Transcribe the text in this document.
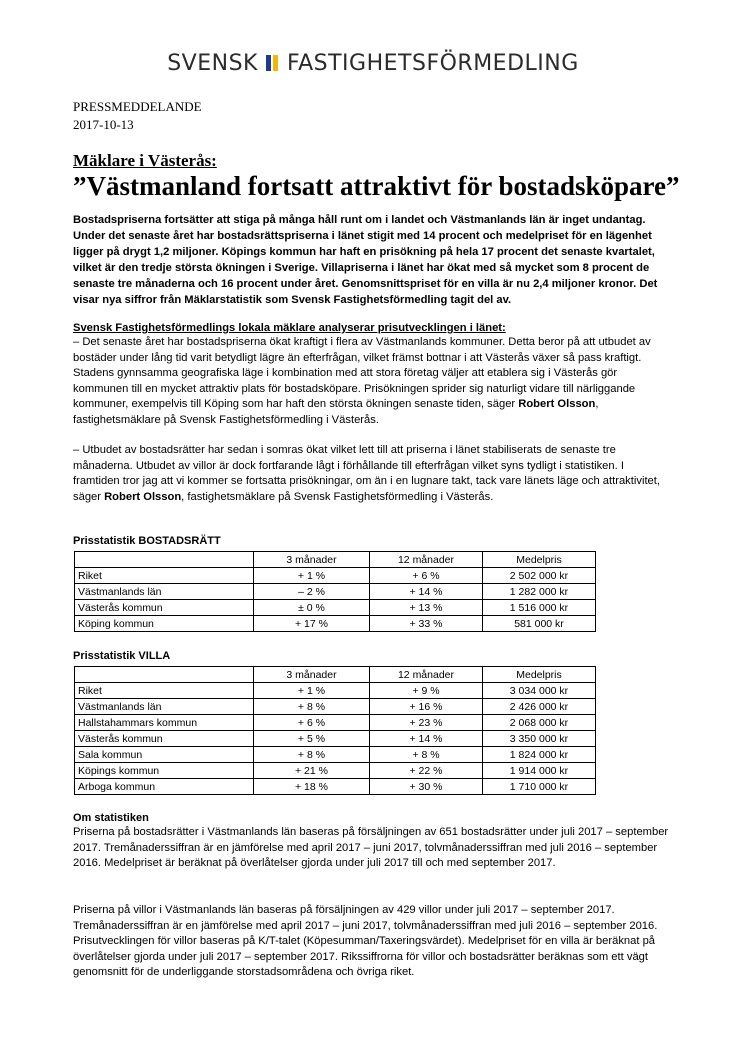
SVENSK FASTIGHETSFÖRMEDLING
PRESSMEDDELANDE
2017-10-13
Mäklare i Västerås:
”Västmanland fortsatt attraktivt för bostadsköpare”

Bostadspriserna fortsätter att stiga på många håll runt om i landet och Västmanlands län är inget undantag. Under det senaste året har bostadsrättspriserna i länet stigit med 14 procent och medelpriset för en lägenhet ligger på drygt 1,2 miljoner. Köpings kommun har haft en prisökning på hela 17 procent det senaste kvartalet, vilket är den tredje största ökningen i Sverige. Villapriserna i länet har ökat med så mycket som 8 procent de senaste tre månaderna och 16 procent under året. Genomsnittspriset för en villa är nu 2,4 miljoner kronor. Det visar nya siffror från Mäklarstatistik som Svensk Fastighetsförmedling tagit del av.

Svensk Fastighetsförmedlings lokala mäklare analyserar prisutvecklingen i länet:

– Det senaste året har bostadspriserna ökat kraftigt i flera av Västmanlands kommuner. Detta beror på att utbudet av bostäder under lång tid varit betydligt lägre än efterfrågan, vilket främst bottnar i att Västerås växer så pass kraftigt. Stadens gynnsamma geografiska läge i kombination med att stora företag väljer att etablera sig i Västerås gör kommunen till en mycket attraktiv plats för bostadsköpare. Prisökningen sprider sig naturligt vidare till närliggande kommuner, exempelvis till Köping som har haft den största ökningen senaste tiden, säger Robert Olsson, fastighetsmäklare på Svensk Fastighetsförmedling i Västerås.

– Utbudet av bostadsrätter har sedan i somras ökat vilket lett till att priserna i länet stabiliserats de senaste tre månaderna. Utbudet av villor är dock fortfarande lågt i förhållande till efterfrågan vilket syns tydligt i statistiken. I framtiden tror jag att vi kommer se fortsatta prisökningar, om än i en lugnare takt, tack vare länets läge och attraktivitet, säger Robert Olsson, fastighetsmäklare på Svensk Fastighetsförmedling i Västerås.

Prisstatistik BOSTADSRÄTT

	3 månader	12 månader	Medelpris
Riket	+ 1 %	+ 6 %	2 502 000 kr
Västmanlands län	– 2 %	+ 14 %	1 282 000 kr
Västerås kommun	± 0 %	+ 13 %	1 516 000 kr
Köping kommun	+ 17 %	+ 33 %	581 000 kr

Prisstatistik VILLA

	3 månader	12 månader	Medelpris
Riket	+ 1 %	+ 9 %	3 034 000 kr
Västmanlands län	+ 8 %	+ 16 %	2 426 000 kr
Hallstahammars kommun	+ 6 %	+ 23 %	2 068 000 kr
Västerås kommun	+ 5 %	+ 14 %	3 350 000 kr
Sala kommun	+ 8 %	+ 8 %	1 824 000 kr
Köpings kommun	+ 21 %	+ 22 %	1 914 000 kr
Arboga kommun	+ 18 %	+ 30 %	1 710 000 kr

Om statistiken

Priserna på bostadsrätter i Västmanlands län baseras på försäljningen av 651 bostadsrätter under juli 2017 – september 2017. Tremånaderssiffran är en jämförelse med april 2017 – juni 2017, tolvmånaderssiffran med juli 2016 – september 2016. Medelpriset är beräknat på överlåtelser gjorda under juli 2017 till och med september 2017.

Priserna på villor i Västmanlands län baseras på försäljningen av 429 villor under juli 2017 – september 2017. Tremånaderssiffran är en jämförelse med april 2017 – juni 2017, tolvmånaderssiffran med juli 2016 – september 2016. Prisutvecklingen för villor baseras på K/T-talet (Köpesumman/Taxeringsvärdet). Medelpriset för en villa är beräknat på överlåtelser gjorda under juli 2017 – september 2017. Rikssiffrorna för villor och bostadsrätter beräknas som ett vägt genomsnitt för de underliggande storstadsområdena och övriga riket.
